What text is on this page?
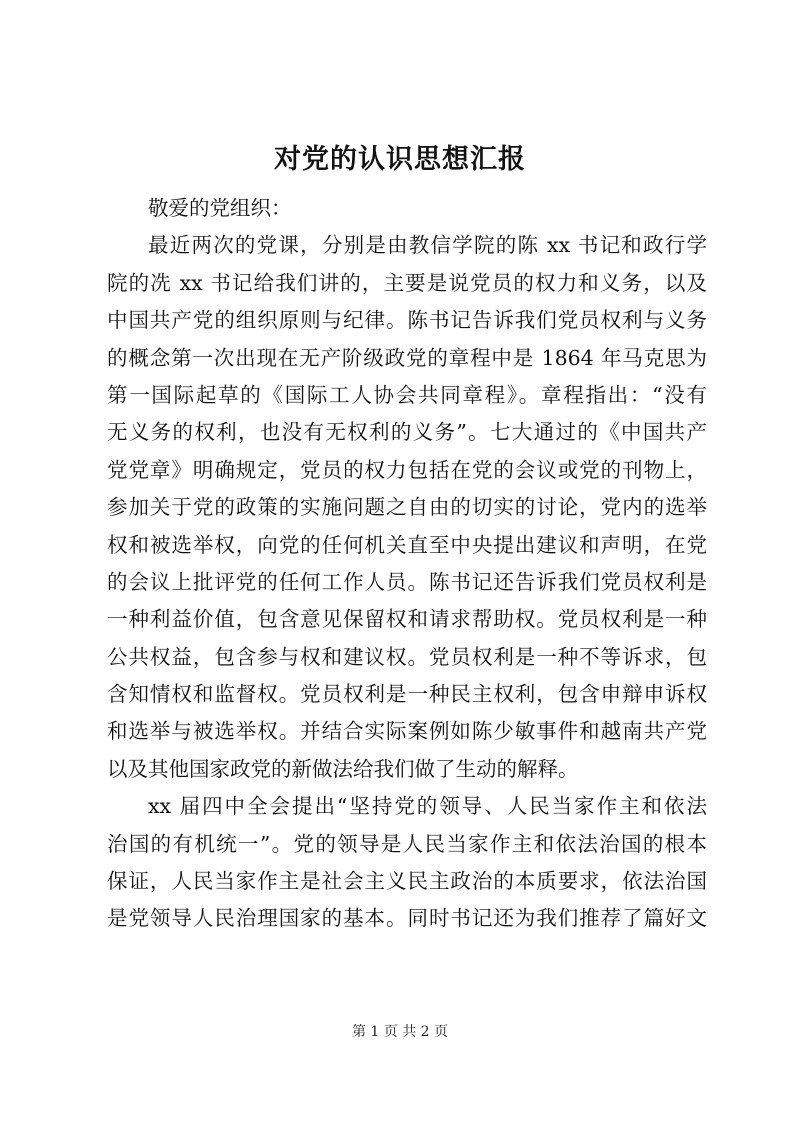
对党的认识思想汇报
敬爱的党组织：
最近两次的党课，分别是由教信学院的陈 xx 书记和政行学
院的冼 xx 书记给我们讲的，主要是说党员的权力和义务，以及
中国共产党的组织原则与纪律。陈书记告诉我们党员权利与义务
的概念第一次出现在无产阶级政党的章程中是 1864 年马克思为
第一国际起草的《国际工人协会共同章程》。章程指出：“没有
无义务的权利，也没有无权利的义务”。七大通过的《中国共产
党党章》明确规定，党员的权力包括在党的会议或党的刊物上，
参加关于党的政策的实施问题之自由的切实的讨论，党内的选举
权和被选举权，向党的任何机关直至中央提出建议和声明，在党
的会议上批评党的任何工作人员。陈书记还告诉我们党员权利是
一种利益价值，包含意见保留权和请求帮助权。党员权利是一种
公共权益，包含参与权和建议权。党员权利是一种不等诉求，包
含知情权和监督权。党员权利是一种民主权利，包含申辩申诉权
和选举与被选举权。并结合实际案例如陈少敏事件和越南共产党
以及其他国家政党的新做法给我们做了生动的解释。
xx 届四中全会提出“坚持党的领导、人民当家作主和依法
治国的有机统一”。党的领导是人民当家作主和依法治国的根本
保证，人民当家作主是社会主义民主政治的本质要求，依法治国
是党领导人民治理国家的基本。同时书记还为我们推荐了篇好文
第 1 页 共 2 页
